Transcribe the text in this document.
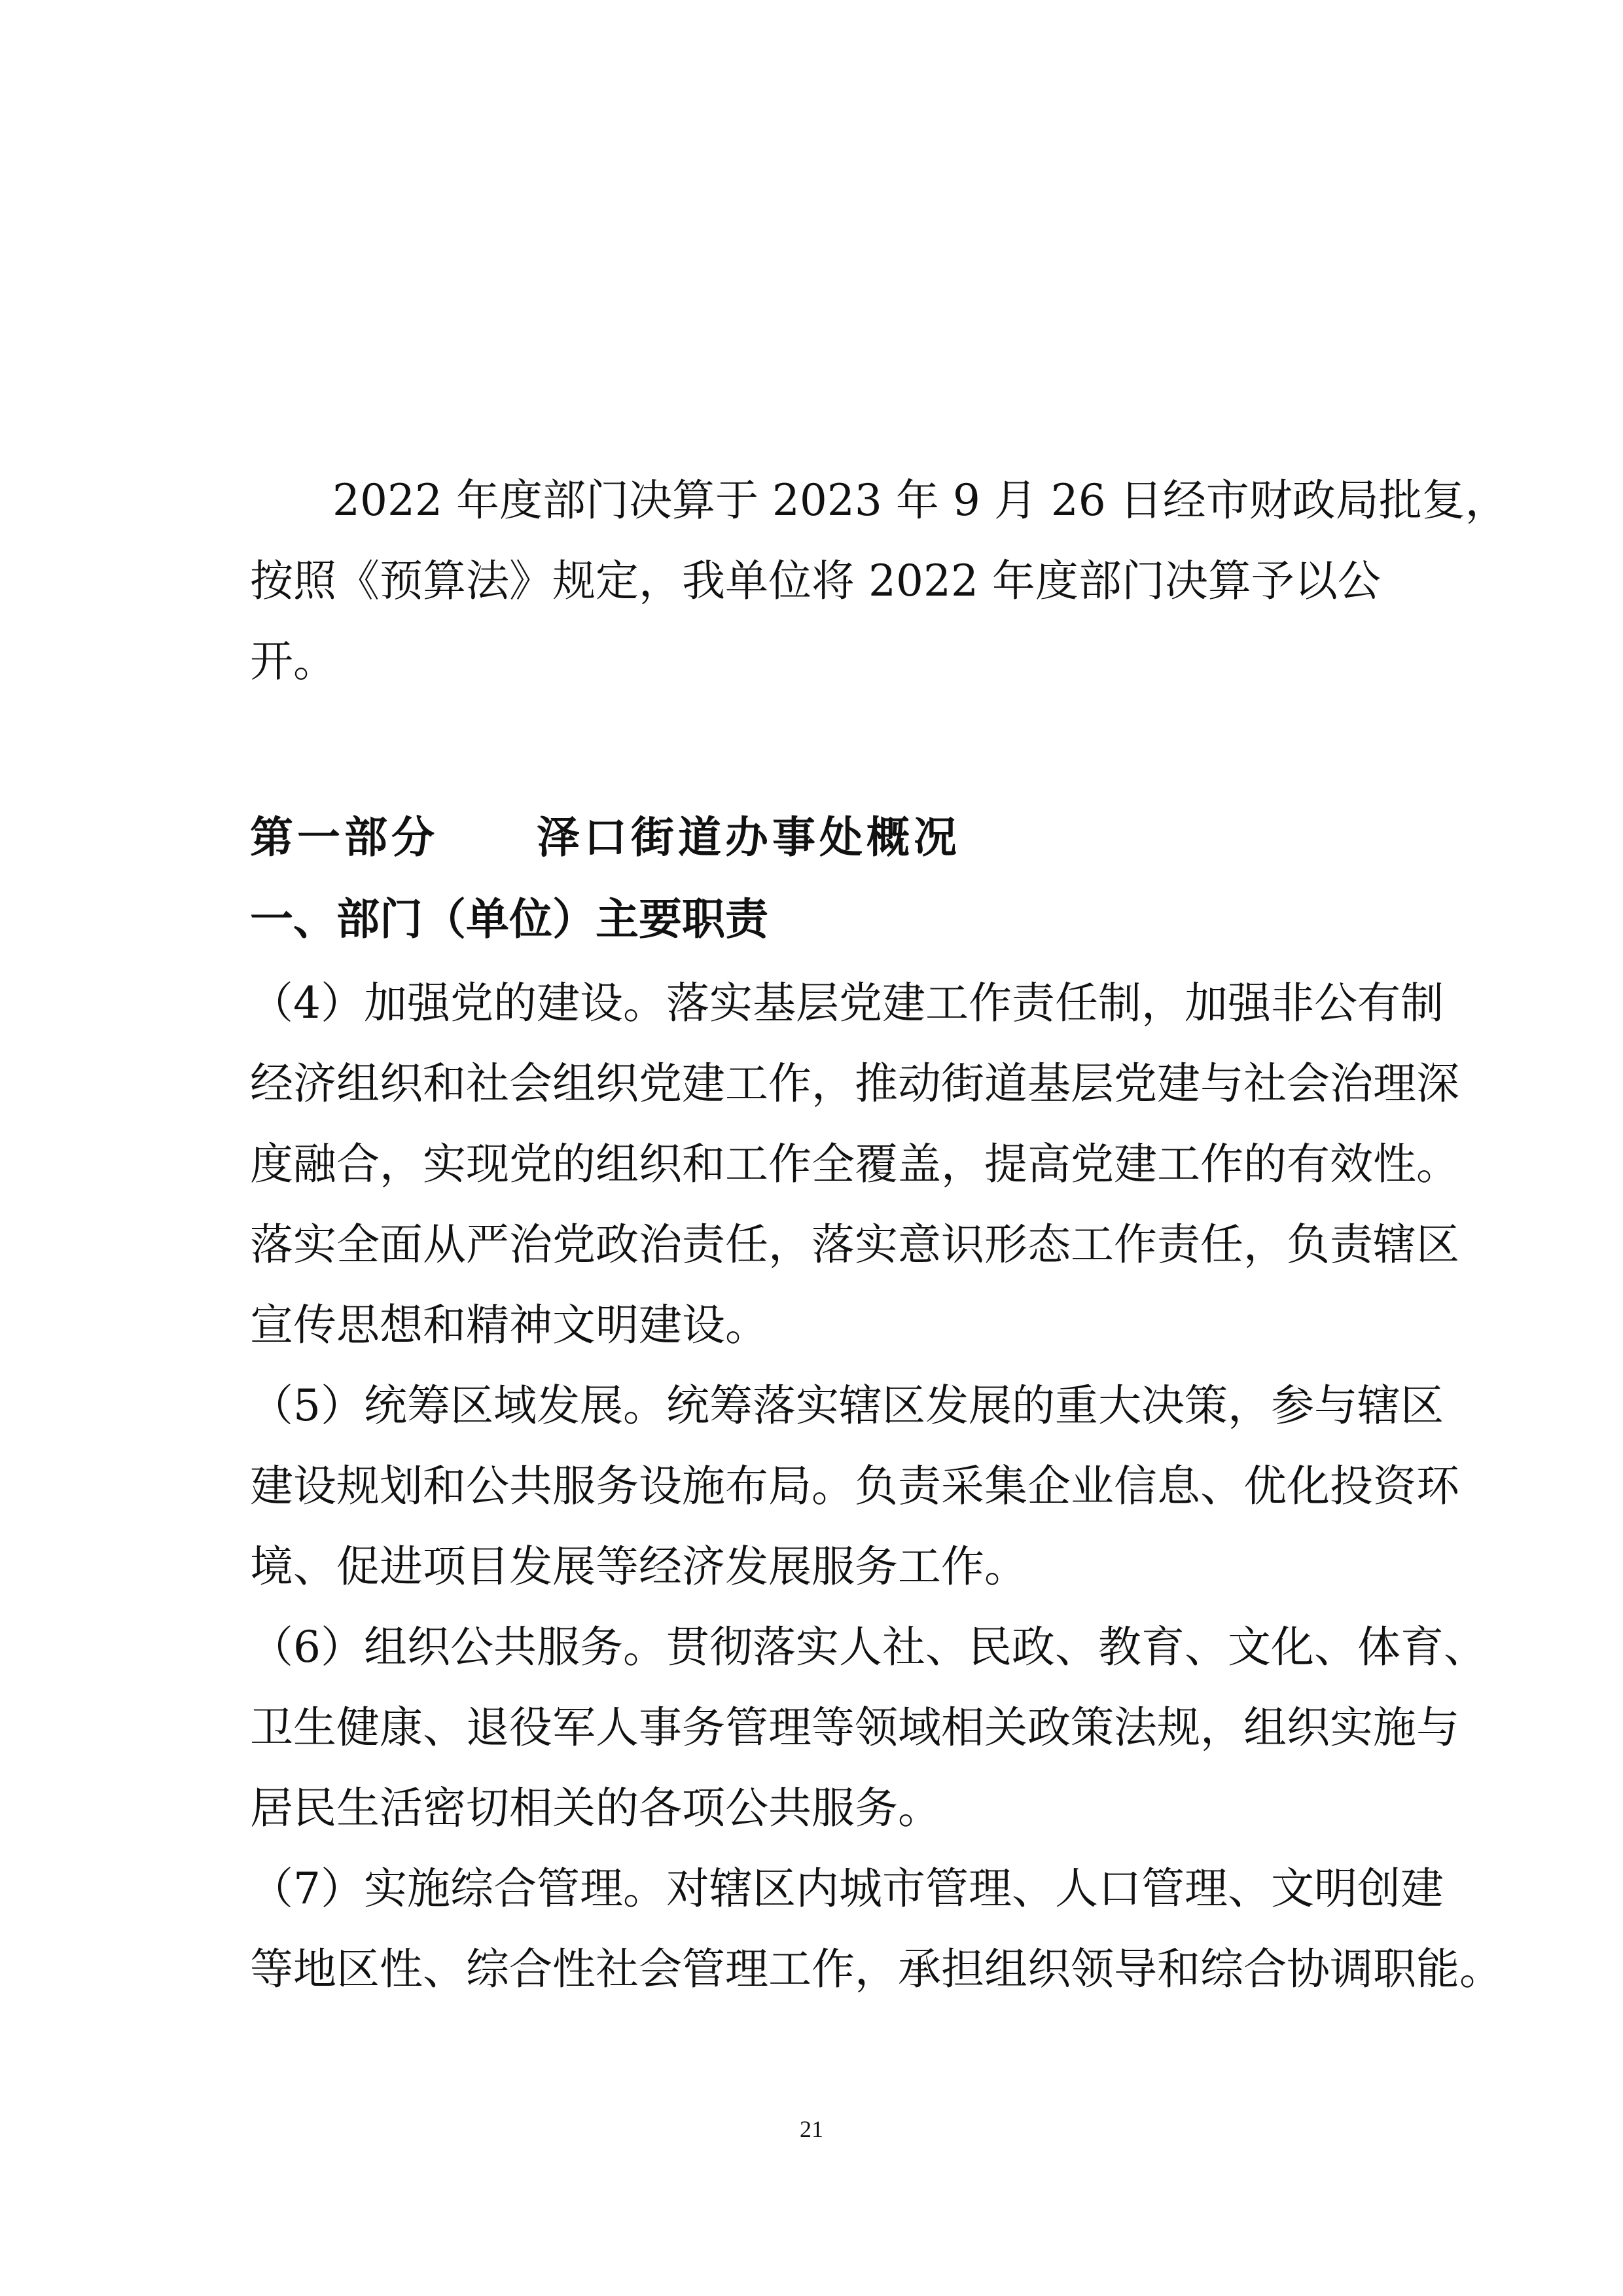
2022 年度部门决算于 2023 年 9 月 26 日经市财政局批复，
按照《预算法》规定，我单位将 2022 年度部门决算予以公
开。
第一部分 泽口街道办事处概况
一、部门（单位）主要职责
（4）加强党的建设。落实基层党建工作责任制，加强非公有制
经济组织和社会组织党建工作，推动街道基层党建与社会治理深
度融合，实现党的组织和工作全覆盖，提高党建工作的有效性。
落实全面从严治党政治责任，落实意识形态工作责任，负责辖区
宣传思想和精神文明建设。
（5）统筹区域发展。统筹落实辖区发展的重大决策，参与辖区
建设规划和公共服务设施布局。负责采集企业信息、优化投资环
境、促进项目发展等经济发展服务工作。
（6）组织公共服务。贯彻落实人社、民政、教育、文化、体育、
卫生健康、退役军人事务管理等领域相关政策法规，组织实施与
居民生活密切相关的各项公共服务。
（7）实施综合管理。对辖区内城市管理、人口管理、文明创建
等地区性、综合性社会管理工作，承担组织领导和综合协调职能。
21
